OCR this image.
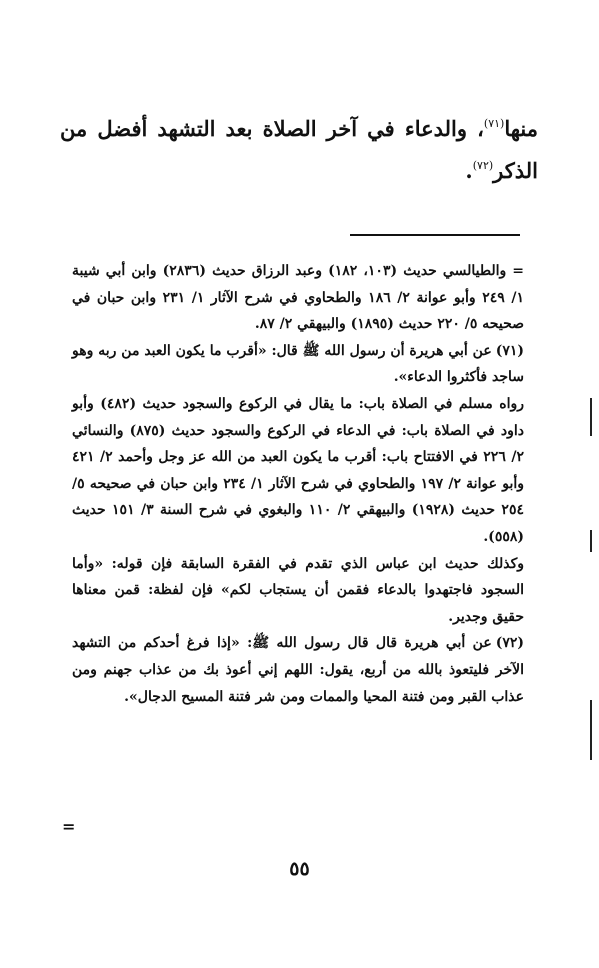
منها$^{(٧١)}$، والدعاء في آخر الصلاة بعد التشهد أفضل من الذكر$^{(٧٢)}$.

=والطيالسي حديث (١٠٣، ١٨٢) وعبد الرزاق حديث (٢٨٣٦) وابن أبي شيبة ١/ ٢٤٩ وأبو عوانة ٢/ ١٨٦ والطحاوي في شرح الآثار ١/ ٢٣١ وابن حبان في صحيحه ٥/ ٢٢٠ حديث (١٨٩٥) والبيهقي ٢/ ٨٧.

(٧١)عن أبي هريرة أن رسول الله ﷺ قال: «أقرب ما يكون العبد من ربه وهو ساجد فأكثروا الدعاء».

رواه مسلم في الصلاة باب: ما يقال في الركوع والسجود حديث (٤٨٢) وأبو داود في الصلاة باب: في الدعاء في الركوع والسجود حديث (٨٧٥) والنسائي ٢/ ٢٢٦ في الافتتاح باب: أقرب ما يكون العبد من الله عز وجل وأحمد ٢/ ٤٢١ وأبو عوانة ٢/ ١٩٧ والطحاوي في شرح الآثار ١/ ٢٣٤ وابن حبان في صحيحه ٥/ ٢٥٤ حديث (١٩٢٨) والبيهقي ٢/ ١١٠ والبغوي في شرح السنة ٣/ ١٥١ حديث (٥٥٨).

وكذلك حديث ابن عباس الذي تقدم في الفقرة السابقة فإن قوله: «وأما السجود فاجتهدوا بالدعاء فقمن أن يستجاب لكم» فإن لفظة: قمن معناها حقيق وجدير.

(٧٢)عن أبي هريرة قال قال رسول الله ﷺ: «إذا فرغ أحدكم من التشهد الآخر فليتعوذ بالله من أربع، يقول: اللهم إني أعوذ بك من عذاب جهنم ومن عذاب القبر ومن فتنة المحيا والممات ومن شر فتنة المسيح الدجال».

=
٥٥
